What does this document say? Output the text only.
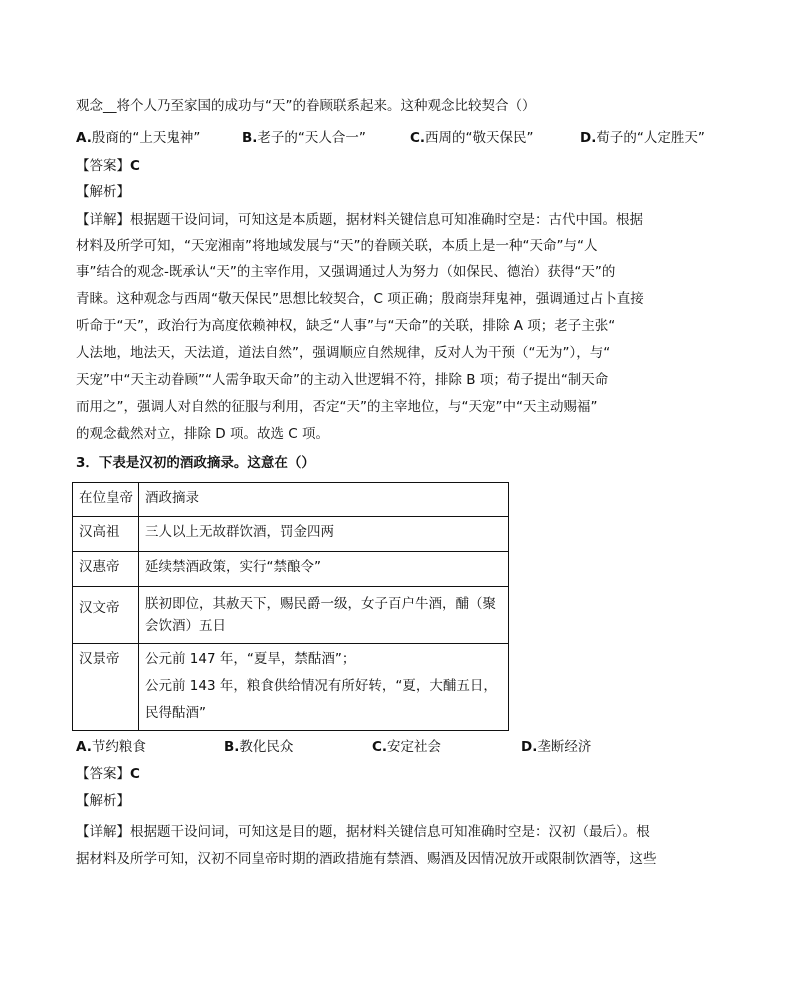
观念__将个人乃至家国的成功与“天”的眷顾联系起来。这种观念比较契合（）
A.殷商的“上天鬼神”	B.老子的“天人合一”	C.西周的“敬天保民”	D.荀子的“人定胜天”
【答案】C
【解析】
【详解】根据题干设问词，可知这是本质题，据材料关键信息可知准确时空是：古代中国。根据
材料及所学可知，“天宠湘南”将地域发展与“天”的眷顾关联，本质上是一种“天命”与“人
事”结合的观念-既承认“天”的主宰作用，又强调通过人为努力（如保民、德治）获得“天”的
青睐。这种观念与西周“敬天保民”思想比较契合，C 项正确；殷商崇拜鬼神，强调通过占卜直接
听命于“天”，政治行为高度依赖神权，缺乏“人事”与“天命”的关联，排除 A 项；老子主张“
人法地，地法天，天法道，道法自然”，强调顺应自然规律，反对人为干预（“无为”），与“
天宠”中“天主动眷顾”“人需争取天命”的主动入世逻辑不符，排除 B 项；荀子提出“制天命
而用之”，强调人对自然的征服与利用，否定“天”的主宰地位，与“天宠”中“天主动赐福”
的观念截然对立，排除 D 项。故选 C 项。
3．下表是汉初的酒政摘录。这意在（）
在位皇帝	酒政摘录
汉高祖	三人以上无故群饮酒，罚金四两

汉惠帝	延续禁酒政策，实行“禁酿令”

汉文帝	朕初即位，其赦天下，赐民爵一级，女子百户牛酒，酺（聚
会饮酒）五日

汉景帝	公元前 147 年，“夏旱，禁酤酒”；
公元前 143 年，粮食供给情况有所好转，“夏，大酺五日，
民得酤酒”
A.节约粮食	B.教化民众	C.安定社会	D.垄断经济
【答案】C
【解析】
【详解】根据题干设问词，可知这是目的题，据材料关键信息可知准确时空是：汉初（最后）。根
据材料及所学可知，汉初不同皇帝时期的酒政措施有禁酒、赐酒及因情况放开或限制饮酒等，这些
